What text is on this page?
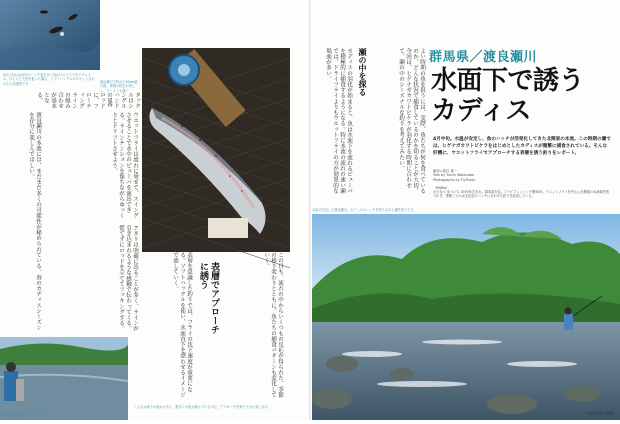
4月になれば水中のハッチ量を多く見かけるフライやナチュラル。ほとんど大型を狙った場合、ソフトハックルのボディと合わせると効果的です	渡良瀬川で釣れた20cm級の魚。体側の虹色が美しく、ファイトも強い
表層でアプローチに誘う
表層を意識した釣りでは、フライの沈下速度が重要になる。ソフトハックルを使い、水面直下を漂わせるイメージで流していく。	この日も、流れの中からいくつもの反応が得られた。季節の移り変わりとともに、魚たちの捕食パターンも変化していく。
ウエットフライは流れに乗せて、スイングさせることで水中のピューパを演出できる。ラインテンションを保ちながらゆっくりとドリフトさせよう。
アタリは明確に出ることが多く、ラインが引き込まれるような感触で伝わってくる。慌てずにロッドを立ててフッキングする。
渡良瀬川の本流には、まだまだ多くの可能性が秘められている。春のカディスシーズンを存分に楽しんでほしい。
タックルはシングルハンドの5番ロッドに、フローティングラインの組み合わせが基本となる。
岸際の流れを釣り下るアングラー
こんな水面下の流れの中に、数多くの魚が潜んでいるのだ。アプローチ次第で十分に楽しめる
瀬の中を探る	よい時期の魚を狙うには、実際、魚たちが何を食べているのか、どんな状況で捕食しているのかを知ることが大切。今回は、ヒゲナガカワトビケラが羽化する時期に合わせて、瀬の中のシーズナルな釣りを考えてみたい。
カディスの羽化が始まると、魚は水面下を流れるピューパを積極的に捕食するようになる。特に本流の流れの速い瀬では、ドライフライよりもウエットフライの方が効果的な場面が多い。	群馬県／渡良瀬川
水面下で誘う
カディス
4月中旬。水温が安定し、魚のハッチが活発化してきた北関東の本流。この時期の瀬では、ヒゲナガカワトビケラをはじめとしたカディスが頻繁に捕食されている。そんな好機に、ウエットフライでアプローチする表層を誘う釣りをレポート。
解説=渡辺 雄一
Text by Yuichi Watanabe
Photographs by FlyFisher
［Profile］
わたなべ ゆういち 1970年生まれ。群馬県在住。フライフィッシング歴30年。ウエットフライを中心に北関東の本流域を釣り歩き、季節ごとの水生昆虫のハッチに合わせた釣りを追求している。
水量の安定した渡良瀬川。カディスのハッチを待ちながら瀬を釣り下る
FlyFisher 085
